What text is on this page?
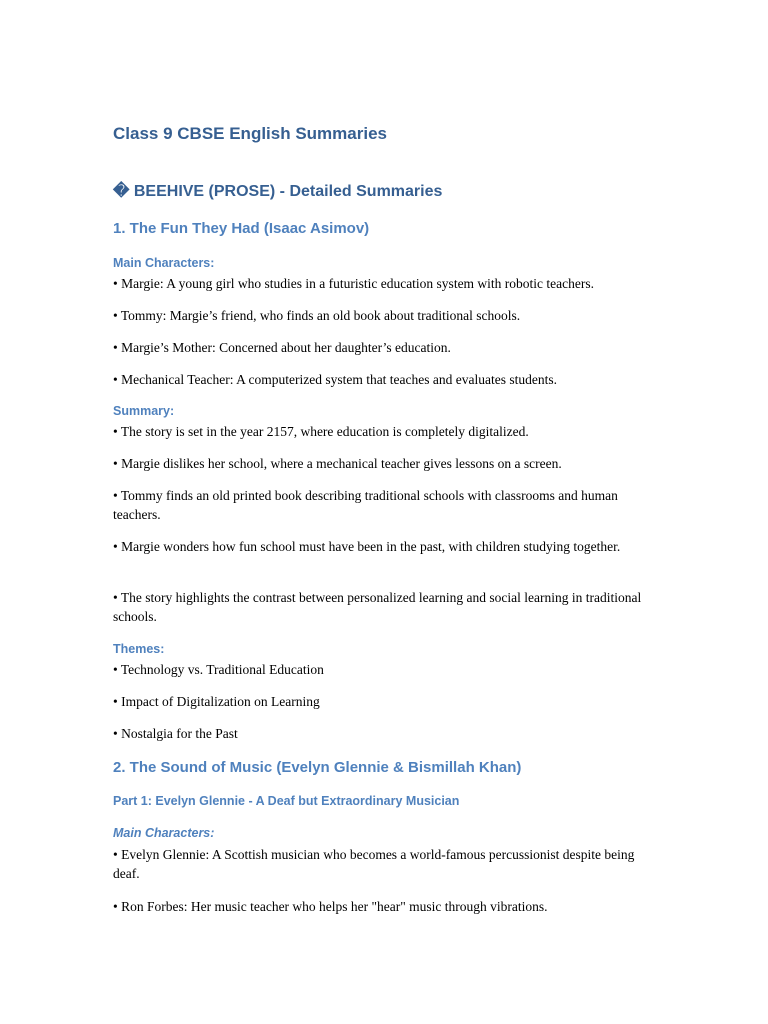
Class 9 CBSE English Summaries
� BEEHIVE (PROSE) - Detailed Summaries
1. The Fun They Had (Isaac Asimov)
Main Characters:
• Margie: A young girl who studies in a futuristic education system with robotic teachers.
• Tommy: Margie’s friend, who finds an old book about traditional schools.
• Margie’s Mother: Concerned about her daughter’s education.
• Mechanical Teacher: A computerized system that teaches and evaluates students.
Summary:
• The story is set in the year 2157, where education is completely digitalized.
• Margie dislikes her school, where a mechanical teacher gives lessons on a screen.
• Tommy finds an old printed book describing traditional schools with classrooms and human teachers.
• Margie wonders how fun school must have been in the past, with children studying together.
• The story highlights the contrast between personalized learning and social learning in traditional schools.
Themes:
• Technology vs. Traditional Education
• Impact of Digitalization on Learning
• Nostalgia for the Past
2. The Sound of Music (Evelyn Glennie & Bismillah Khan)
Part 1: Evelyn Glennie - A Deaf but Extraordinary Musician
Main Characters:
• Evelyn Glennie: A Scottish musician who becomes a world-famous percussionist despite being deaf.
• Ron Forbes: Her music teacher who helps her "hear" music through vibrations.
